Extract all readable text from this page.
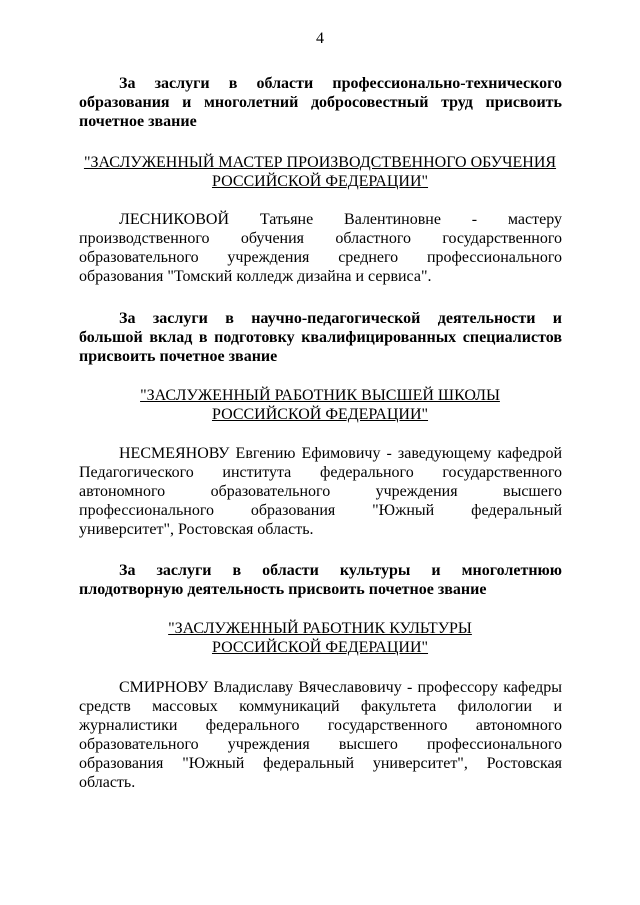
4
За заслуги в области профессионально-технического образования и многолетний добросовестный труд присвоить почетное звание
"ЗАСЛУЖЕННЫЙ МАСТЕР ПРОИЗВОДСТВЕННОГО ОБУЧЕНИЯ
РОССИЙСКОЙ ФЕДЕРАЦИИ"
ЛЕСНИКОВОЙ Татьяне Валентиновне - мастеру производственного обучения областного государственного образовательного учреждения среднего профессионального образования "Томский колледж дизайна и сервиса".
За заслуги в научно-педагогической деятельности и большой вклад в подготовку квалифицированных специалистов присвоить почетное звание
"ЗАСЛУЖЕННЫЙ РАБОТНИК ВЫСШЕЙ ШКОЛЫ
РОССИЙСКОЙ ФЕДЕРАЦИИ"
НЕСМЕЯНОВУ Евгению Ефимовичу - заведующему кафедрой Педагогического института федерального государственного автономного образовательного учреждения высшего профессионального образования "Южный федеральный университет", Ростовская область.
За заслуги в области культуры и многолетнюю плодотворную деятельность присвоить почетное звание
"ЗАСЛУЖЕННЫЙ РАБОТНИК КУЛЬТУРЫ
РОССИЙСКОЙ ФЕДЕРАЦИИ"
СМИРНОВУ Владиславу Вячеславовичу - профессору кафедры средств массовых коммуникаций факультета филологии и журналистики федерального государственного автономного образовательного учреждения высшего профессионального образования "Южный федеральный университет", Ростовская область.
